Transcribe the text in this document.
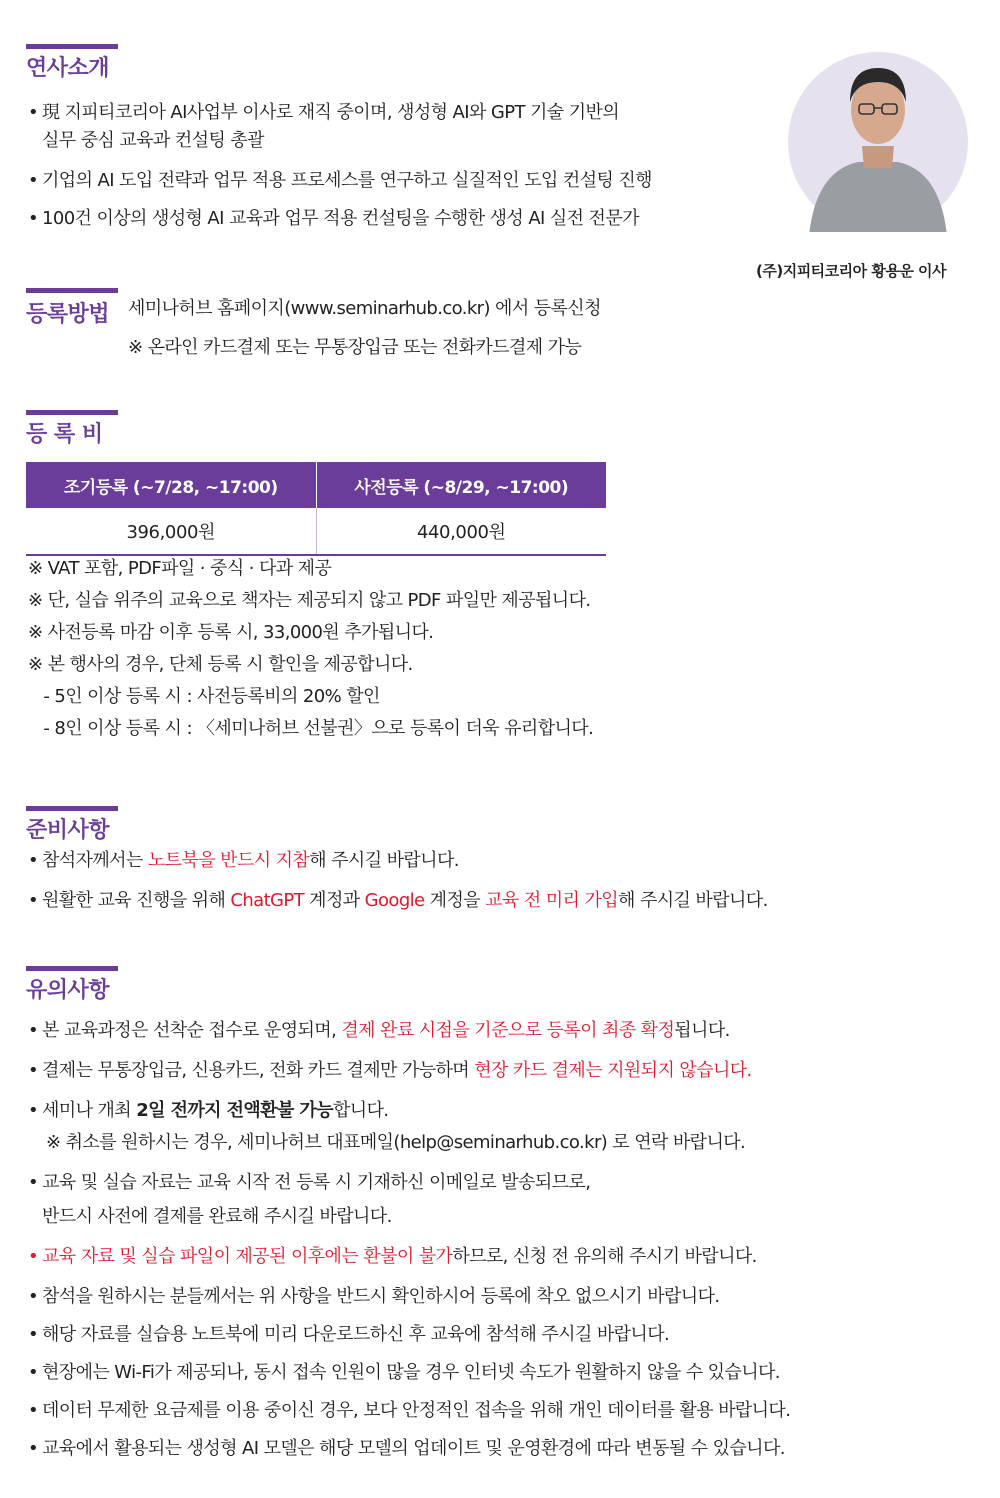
연사소개
• 現 지피티코리아 AI사업부 이사로 재직 중이며, 생성형 AI와 GPT 기술 기반의
실무 중심 교육과 컨설팅 총괄
• 기업의 AI 도입 전략과 업무 적용 프로세스를 연구하고 실질적인 도입 컨설팅 진행
• 100건 이상의 생성형 AI 교육과 업무 적용 컨설팅을 수행한 생성 AI 실전 전문가
(주)지피티코리아 황용운 이사
등록방법	세미나허브 홈페이지(www.seminarhub.co.kr) 에서 등록신청
※ 온라인 카드결제 또는 무통장입금 또는 전화카드결제 가능
등 록 비
조기등록 (~7/28, ~17:00)	사전등록 (~8/29, ~17:00)
396,000원	440,000원
※ VAT 포함, PDF파일 · 중식 · 다과 제공
※ 단, 실습 위주의 교육으로 책자는 제공되지 않고 PDF 파일만 제공됩니다.
※ 사전등록 마감 이후 등록 시, 33,000원 추가됩니다.
※ 본 행사의 경우, 단체 등록 시 할인을 제공합니다.
- 5인 이상 등록 시 : 사전등록비의 20% 할인
- 8인 이상 등록 시 : 〈세미나허브 선불권〉으로 등록이 더욱 유리합니다.
준비사항
• 참석자께서는 노트북을 반드시 지참해 주시길 바랍니다.
• 원활한 교육 진행을 위해 ChatGPT 계정과 Google 계정을 교육 전 미리 가입해 주시길 바랍니다.
유의사항
• 본 교육과정은 선착순 접수로 운영되며, 결제 완료 시점을 기준으로 등록이 최종 확정됩니다.
• 결제는 무통장입금, 신용카드, 전화 카드 결제만 가능하며 현장 카드 결제는 지원되지 않습니다.
• 세미나 개최 2일 전까지 전액환불 가능합니다.
※ 취소를 원하시는 경우, 세미나허브 대표메일(help@seminarhub.co.kr) 로 연락 바랍니다.
• 교육 및 실습 자료는 교육 시작 전 등록 시 기재하신 이메일로 발송되므로,
반드시 사전에 결제를 완료해 주시길 바랍니다.
• 교육 자료 및 실습 파일이 제공된 이후에는 환불이 불가하므로, 신청 전 유의해 주시기 바랍니다.
• 참석을 원하시는 분들께서는 위 사항을 반드시 확인하시어 등록에 착오 없으시기 바랍니다.
• 해당 자료를 실습용 노트북에 미리 다운로드하신 후 교육에 참석해 주시길 바랍니다.
• 현장에는 Wi-Fi가 제공되나, 동시 접속 인원이 많을 경우 인터넷 속도가 원활하지 않을 수 있습니다.
• 데이터 무제한 요금제를 이용 중이신 경우, 보다 안정적인 접속을 위해 개인 데이터를 활용 바랍니다.
• 교육에서 활용되는 생성형 AI 모델은 해당 모델의 업데이트 및 운영환경에 따라 변동될 수 있습니다.
